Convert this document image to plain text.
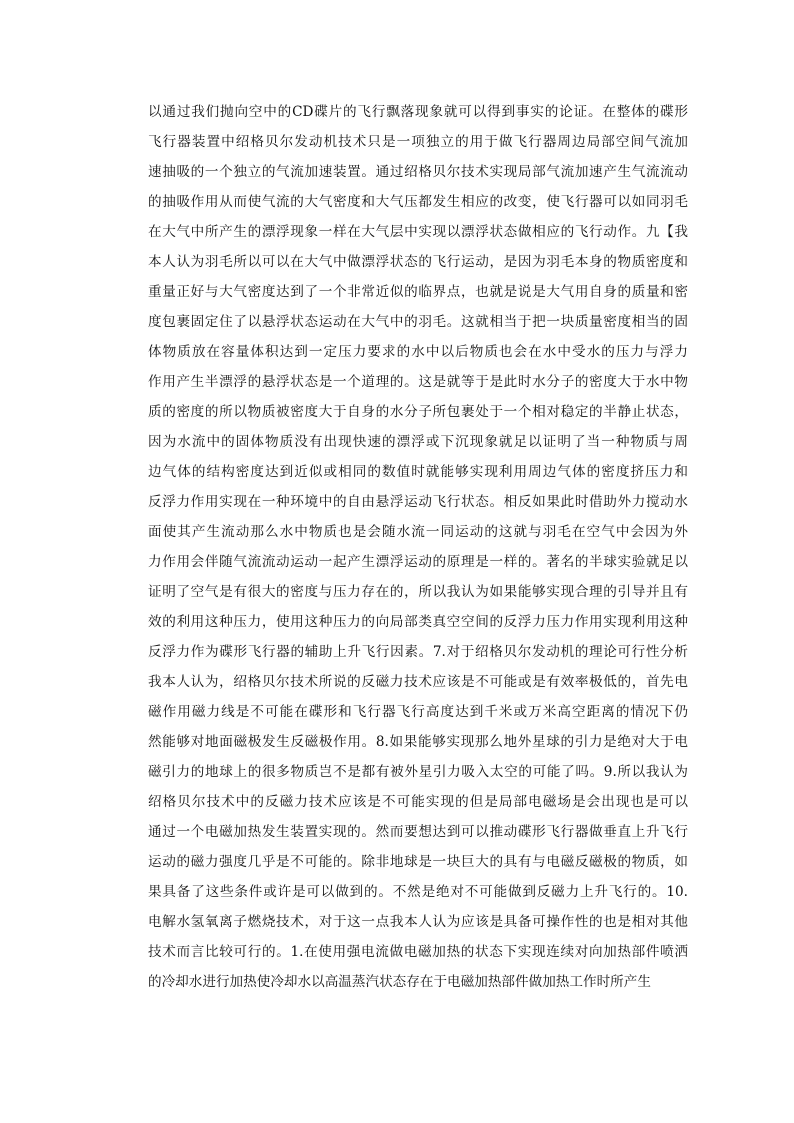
以通过我们抛向空中的CD碟片的飞行飘落现象就可以得到事实的论证。在整体的碟形
飞行器装置中绍格贝尔发动机技术只是一项独立的用于做飞行器周边局部空间气流加
速抽吸的一个独立的气流加速装置。通过绍格贝尔技术实现局部气流加速产生气流流动
的抽吸作用从而使气流的大气密度和大气压都发生相应的改变，使飞行器可以如同羽毛
在大气中所产生的漂浮现象一样在大气层中实现以漂浮状态做相应的飞行动作。九【我
本人认为羽毛所以可以在大气中做漂浮状态的飞行运动，是因为羽毛本身的物质密度和
重量正好与大气密度达到了一个非常近似的临界点，也就是说是大气用自身的质量和密
度包裹固定住了以悬浮状态运动在大气中的羽毛。这就相当于把一块质量密度相当的固
体物质放在容量体积达到一定压力要求的水中以后物质也会在水中受水的压力与浮力
作用产生半漂浮的悬浮状态是一个道理的。这是就等于是此时水分子的密度大于水中物
质的密度的所以物质被密度大于自身的水分子所包裹处于一个相对稳定的半静止状态，
因为水流中的固体物质没有出现快速的漂浮或下沉现象就足以证明了当一种物质与周
边气体的结构密度达到近似或相同的数值时就能够实现利用周边气体的密度挤压力和
反浮力作用实现在一种环境中的自由悬浮运动飞行状态。相反如果此时借助外力搅动水
面使其产生流动那么水中物质也是会随水流一同运动的这就与羽毛在空气中会因为外
力作用会伴随气流流动运动一起产生漂浮运动的原理是一样的。著名的半球实验就足以
证明了空气是有很大的密度与压力存在的，所以我认为如果能够实现合理的引导并且有
效的利用这种压力，使用这种压力的向局部类真空空间的反浮力压力作用实现利用这种
反浮力作为碟形飞行器的辅助上升飞行因素。7.对于绍格贝尔发动机的理论可行性分析
我本人认为，绍格贝尔技术所说的反磁力技术应该是不可能或是有效率极低的，首先电
磁作用磁力线是不可能在碟形和飞行器飞行高度达到千米或万米高空距离的情况下仍
然能够对地面磁极发生反磁极作用。8.如果能够实现那么地外星球的引力是绝对大于电
磁引力的地球上的很多物质岂不是都有被外星引力吸入太空的可能了吗。9.所以我认为
绍格贝尔技术中的反磁力技术应该是不可能实现的但是局部电磁场是会出现也是可以
通过一个电磁加热发生装置实现的。然而要想达到可以推动碟形飞行器做垂直上升飞行
运动的磁力强度几乎是不可能的。除非地球是一块巨大的具有与电磁反磁极的物质，如
果具备了这些条件或许是可以做到的。不然是绝对不可能做到反磁力上升飞行的。10.
电解水氢氧离子燃烧技术，对于这一点我本人认为应该是具备可操作性的也是相对其他
技术而言比较可行的。1.在使用强电流做电磁加热的状态下实现连续对向加热部件喷洒
的冷却水进行加热使冷却水以高温蒸汽状态存在于电磁加热部件做加热工作时所产生
